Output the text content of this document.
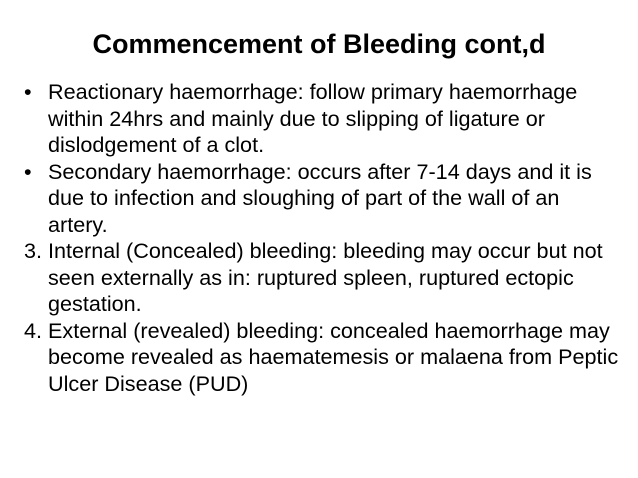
Commencement of Bleeding cont,d
• Reactionary haemorrhage: follow primary haemorrhage within 24hrs and mainly due to slipping of ligature or dislodgement of a clot.
• Secondary haemorrhage: occurs after 7-14 days and it is due to infection and sloughing of part of the wall of an artery.
3. Internal (Concealed) bleeding: bleeding may occur but not seen externally as in: ruptured spleen, ruptured ectopic gestation.
4. External (revealed) bleeding: concealed haemorrhage may become revealed as haematemesis or malaena from Peptic Ulcer Disease (PUD)
